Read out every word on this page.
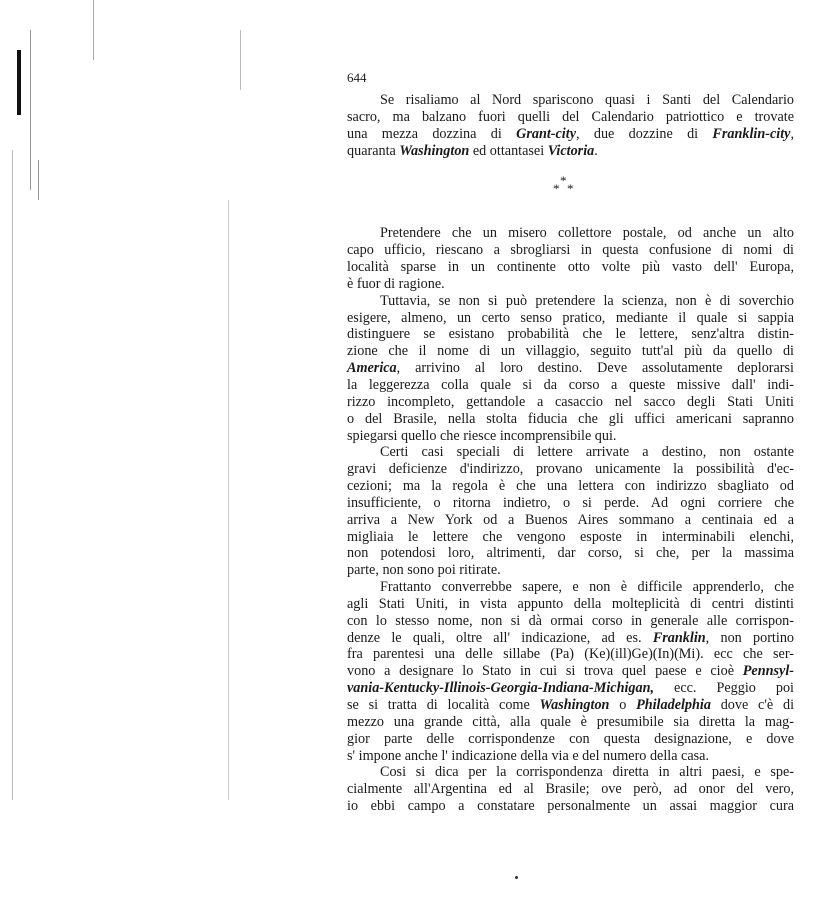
644
Se risaliamo al Nord spariscono quasi i Santi del Calendario
sacro, ma balzano fuori quelli del Calendario patriottico e trovate
una mezza dozzina di Grant-city, due dozzine di Franklin-city,
quaranta Washington ed ottantasei Victoria.
*
* *
Pretendere che un misero collettore postale, od anche un alto
capo ufficio, riescano a sbrogliarsi in questa confusione di nomi di
località sparse in un continente otto volte più vasto dell' Europa,
è fuor di ragione.
Tuttavia, se non si può pretendere la scienza, non è di soverchio
esigere, almeno, un certo senso pratico, mediante il quale si sappia
distinguere se esistano probabilità che le lettere, senz'altra distin-
zione che il nome di un villaggio, seguito tutt'al più da quello di
America, arrivino al loro destino. Deve assolutamente deplorarsi
la leggerezza colla quale si da corso a queste missive dall' indi-
rizzo incompleto, gettandole a casaccio nel sacco degli Stati Uniti
o del Brasile, nella stolta fiducia che gli uffici americani sapranno
spiegarsi quello che riesce incomprensibile qui.
Certi casi speciali di lettere arrivate a destino, non ostante
gravi deficienze d'indirizzo, provano unicamente la possibilità d'ec-
cezioni; ma la regola è che una lettera con indirizzo sbagliato od
insufficiente, o ritorna indietro, o si perde. Ad ogni corriere che
arriva a New York od a Buenos Aires sommano a centinaia ed a
migliaia le lettere che vengono esposte in interminabili elenchi,
non potendosi loro, altrimenti, dar corso, si che, per la massima
parte, non sono poi ritirate.
Frattanto converrebbe sapere, e non è difficile apprenderlo, che
agli Stati Uniti, in vista appunto della molteplicità di centri distinti
con lo stesso nome, non si dà ormai corso in generale alle corrispon-
denze le quali, oltre all' indicazione, ad es. Franklin, non portino
fra parentesi una delle sillabe (Pa) (Ke)(ill)Ge)(In)(Mi). ecc che ser-
vono a designare lo Stato in cui si trova quel paese e cioè Pennsyl-
vania-Kentucky-Illinois-Georgia-Indiana-Michigan, ecc. Peggio poi
se si tratta di località come Washington o Philadelphia dove c'è di
mezzo una grande città, alla quale è presumibile sia diretta la mag-
gior parte delle corrispondenze con questa designazione, e dove
s' impone anche l' indicazione della via e del numero della casa.
Cosi si dica per la corrispondenza diretta in altri paesi, e spe-
cialmente all'Argentina ed al Brasile; ove però, ad onor del vero,
io ebbi campo a constatare personalmente un assai maggior cura
